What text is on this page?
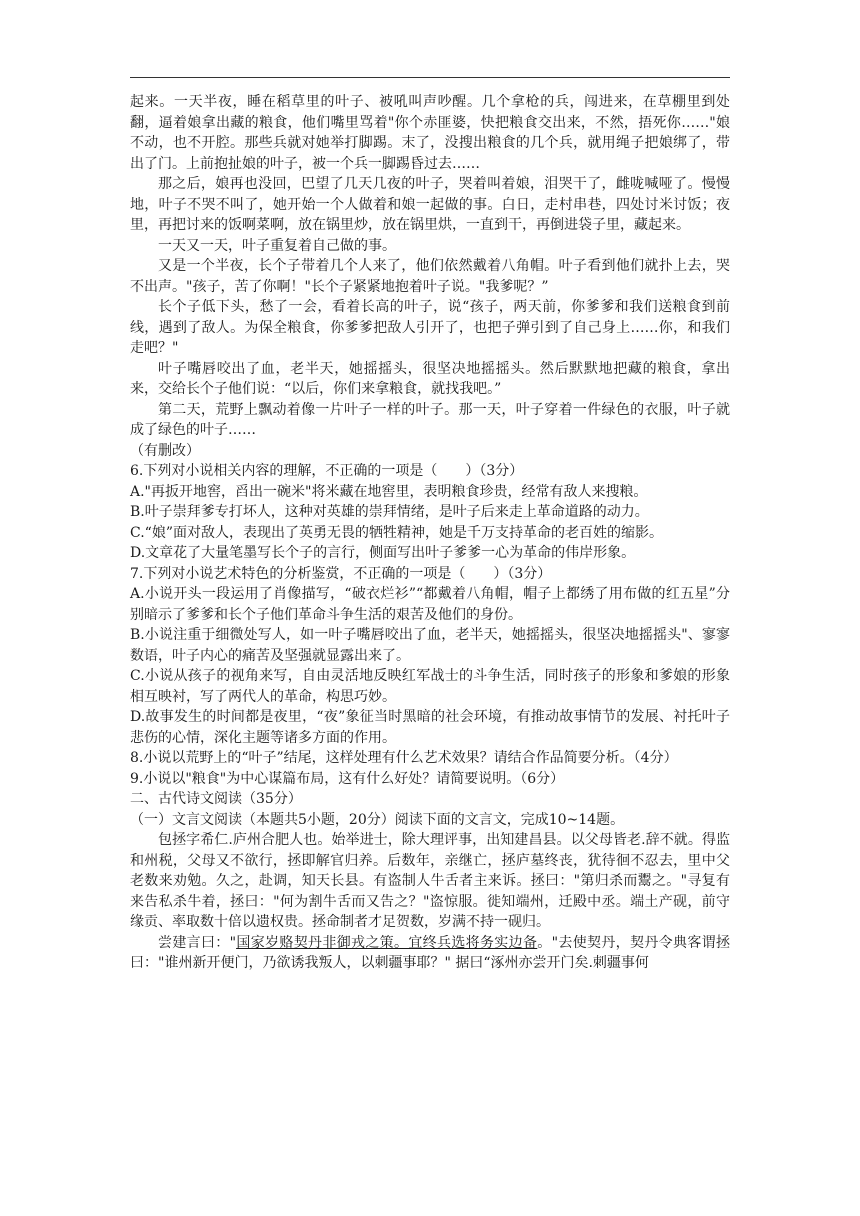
起来。一天半夜，睡在稻草里的叶子、被吼叫声吵醒。几个拿枪的兵，闯进来，在草棚里到处翻，逼着娘拿出藏的粮食，他们嘴里骂着"你个赤匪婆，快把粮食交出来，不然，捂死你……"娘不动，也不开腔。那些兵就对她举打脚踢。末了，没搜出粮食的几个兵，就用绳子把娘绑了，带出了门。上前抱扯娘的叶子，被一个兵一脚踢昏过去……

那之后，娘再也没回，巴望了几天几夜的叶子，哭着叫着娘，泪哭干了，雌咙喊哑了。慢慢地，叶子不哭不叫了，她开始一个人做着和娘一起做的事。白日，走村串巷，四处讨米讨饭；夜里，再把讨来的饭啊菜啊，放在锅里炒，放在锅里烘，一直到干，再倒进袋子里，藏起来。

一天又一天，叶子重复着自己做的事。

又是一个半夜，长个子带着几个人来了，他们依然戴着八角帽。叶子看到他们就扑上去，哭不出声。"孩子，苦了你啊！"长个子紧紧地抱着叶子说。"我爹呢？”

长个子低下头，愁了一会，看着长高的叶子，说“孩子，两天前，你爹爹和我们送粮食到前线，遇到了敌人。为保全粮食，你爹爹把敌人引开了，也把子弹引到了自己身上……你，和我们走吧？"

叶子嘴唇咬出了血，老半天，她摇摇头，很坚决地摇摇头。然后默默地把藏的粮食，拿出来，交给长个子他们说：“以后，你们来拿粮食，就找我吧。”

第二天，荒野上飘动着像一片叶子一样的叶子。那一天，叶子穿着一件绿色的衣服，叶子就成了绿色的叶子……

（有删改）

6.下列对小说相关内容的理解，不正确的一项是（　　）（3分）

A."再扳开地窖，舀出一碗米"将米藏在地窖里，表明粮食珍贵，经常有敌人来搜粮。

B.叶子崇拜爹专打坏人，这种对英雄的崇拜情绪，是叶子后来走上革命道路的动力。

C.“娘”面对敌人，表现出了英勇无畏的牺牲精神，她是千万支持革命的老百姓的缩影。

D.文章花了大量笔墨写长个子的言行，侧面写出叶子爹爹一心为革命的伟岸形象。

7.下列对小说艺术特色的分析鉴赏，不正确的一项是（　　）（3分）

A.小说开头一段运用了肖像描写，“破衣烂衫”“都戴着八角帽，帽子上都绣了用布做的红五星”分别暗示了爹爹和长个子他们革命斗争生活的艰苦及他们的身份。

B.小说注重于细微处写人，如一叶子嘴唇咬出了血，老半天，她摇摇头，很坚决地摇摇头"、寥寥数语，叶子内心的痛苦及坚强就显露出来了。

C.小说从孩子的视角来写，自由灵活地反映红军战士的斗争生活，同时孩子的形象和爹娘的形象相互映衬，写了两代人的革命，构思巧妙。

D.故事发生的时间都是夜里，“夜”象征当时黑暗的社会环境，有推动故事情节的发展、衬托叶子悲伤的心情，深化主题等诸多方面的作用。

8.小说以荒野上的“叶子”结尾，这样处理有什么艺术效果？请结合作品简要分析。（4分）

9.小说以"粮食"为中心谋篇布局，这有什么好处？请简要说明。（6分）

二、古代诗文阅读（35分）

（一）文言文阅读（本题共5小题，20分）阅读下面的文言文，完成10~14题。

包拯字希仁.庐州合肥人也。始举进士，除大理评事，出知建昌县。以父母皆老.辞不就。得监和州税，父母又不欲行，拯即解官归养。后数年，亲继亡，拯庐墓终丧，犹待徊不忍去，里中父老数来劝勉。久之，赴调，知天长县。有盗制人牛舌者主来诉。拯曰："第归杀而鬻之。"寻复有来告私杀牛着，拯曰："何为割牛舌而又告之？"盗惊服。徙知端州，迁殿中丞。端土产砚，前守缘贡、率取数十倍以遗权贵。拯命制者才足贺数，岁满不持一砚归。

尝建言曰："国家岁赂契丹非御戎之策。宜终兵选将务实边备。"去使契丹，契丹令典客谓拯曰："谁州新开便门，乃欲诱我叛人，以刺疆事耶？" 据曰“涿州亦尝开门矣.刺疆事何
